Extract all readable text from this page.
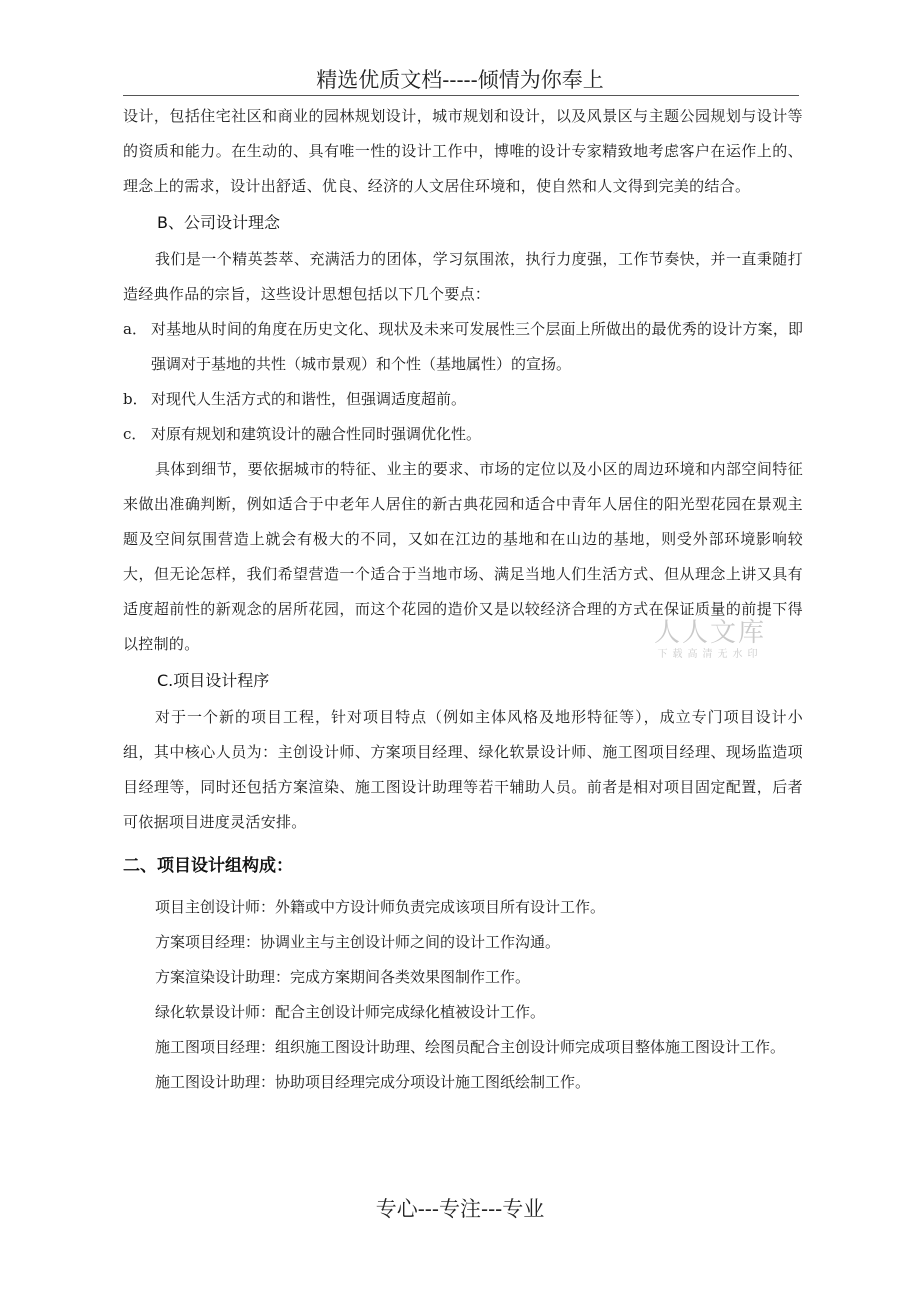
精选优质文档-----倾情为你奉上

设计，包括住宅社区和商业的园林规划设计，城市规划和设计，以及风景区与主题公园规划与设计等的资质和能力。在生动的、具有唯一性的设计工作中，博唯的设计专家精致地考虑客户在运作上的、理念上的需求，设计出舒适、优良、经济的人文居住环境和，使自然和人文得到完美的结合。

B、公司设计理念

我们是一个精英荟萃、充满活力的团体，学习氛围浓，执行力度强，工作节奏快，并一直秉随打造经典作品的宗旨，这些设计思想包括以下几个要点：

a． 对基地从时间的角度在历史文化、现状及未来可发展性三个层面上所做出的最优秀的设计方案，即强调对于基地的共性（城市景观）和个性（基地属性）的宣扬。
b． 对现代人生活方式的和谐性，但强调适度超前。
c． 对原有规划和建筑设计的融合性同时强调优化性。

具体到细节，要依据城市的特征、业主的要求、市场的定位以及小区的周边环境和内部空间特征来做出准确判断，例如适合于中老年人居住的新古典花园和适合中青年人居住的阳光型花园在景观主题及空间氛围营造上就会有极大的不同，又如在江边的基地和在山边的基地，则受外部环境影响较大，但无论怎样，我们希望营造一个适合于当地市场、满足当地人们生活方式、但从理念上讲又具有适度超前性的新观念的居所花园，而这个花园的造价又是以较经济合理的方式在保证质量的前提下得以控制的。

C.项目设计程序

对于一个新的项目工程，针对项目特点（例如主体风格及地形特征等），成立专门项目设计小组，其中核心人员为：主创设计师、方案项目经理、绿化软景设计师、施工图项目经理、现场监造项目经理等，同时还包括方案渲染、施工图设计助理等若干辅助人员。前者是相对项目固定配置，后者可依据项目进度灵活安排。

二、项目设计组构成：

项目主创设计师：外籍或中方设计师负责完成该项目所有设计工作。

方案项目经理：协调业主与主创设计师之间的设计工作沟通。

方案渲染设计助理：完成方案期间各类效果图制作工作。

绿化软景设计师：配合主创设计师完成绿化植被设计工作。

施工图项目经理：组织施工图设计助理、绘图员配合主创设计师完成项目整体施工图设计工作。

施工图设计助理：协助项目经理完成分项设计施工图纸绘制工作。

人人文库
下载高清无水印
专心---专注---专业
